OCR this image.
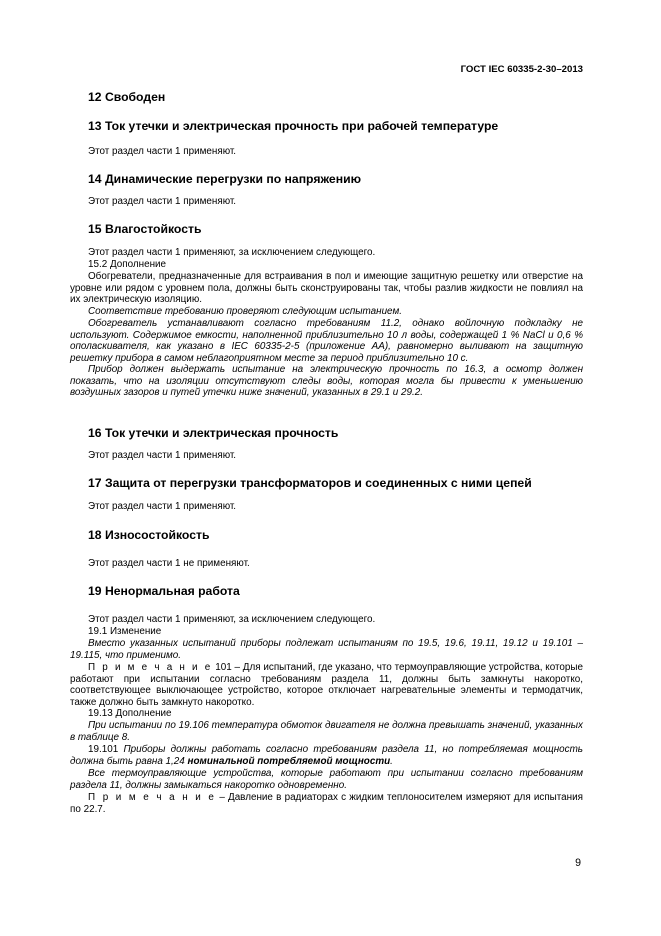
ГОСТ IEC 60335-2-30–2013
12 Свободен
13 Ток утечки и электрическая прочность при рабочей температуре

Этот раздел части 1 применяют.

14 Динамические перегрузки по напряжению

Этот раздел части 1 применяют.

15 Влагостойкость

Этот раздел части 1 применяют, за исключением следующего.

15.2 Дополнение

Обогреватели, предназначенные для встраивания в пол и имеющие защитную решетку или отверстие на уровне или рядом с уровнем пола, должны быть сконструированы так, чтобы разлив жидкости не повлиял на их электрическую изоляцию.

Соответствие требованию проверяют следующим испытанием.

Обогреватель устанавливают согласно требованиям 11.2, однако войлочную подкладку не используют. Содержимое емкости, наполненной приблизительно 10 л воды, содержащей 1 % NaCl и 0,6 % ополаскивателя, как указано в IEC 60335-2-5 (приложение АА), равномерно выливают на защитную решетку прибора в самом неблагоприятном месте за период приблизительно 10 с.

Прибор должен выдержать испытание на электрическую прочность по 16.3, а осмотр должен показать, что на изоляции отсутствуют следы воды, которая могла бы привести к уменьшению воздушных зазоров и путей утечки ниже значений, указанных в 29.1 и 29.2.

16 Ток утечки и электрическая прочность

Этот раздел части 1 применяют.

17 Защита от перегрузки трансформаторов и соединенных с ними цепей

Этот раздел части 1 применяют.

18 Износостойкость

Этот раздел части 1 не применяют.

19 Ненормальная работа

Этот раздел части 1 применяют, за исключением следующего.

19.1 Изменение

Вместо указанных испытаний приборы подлежат испытаниям по 19.5, 19.6, 19.11, 19.12 и 19.101 – 19.115, что применимо.

П р и м е ч а н и е 101 – Для испытаний, где указано, что термоуправляющие устройства, которые работают при испытании согласно требованиям раздела 11, должны быть замкнуты накоротко, соответствующее выключающее устройство, которое отключает нагревательные элементы и термодатчик, также должно быть замкнуто накоротко.

19.13 Дополнение

При испытании по 19.106 температура обмоток двигателя не должна превышать значений, указанных в таблице 8.

19.101 Приборы должны работать согласно требованиям раздела 11, но потребляемая мощность должна быть равна 1,24 номинальной потребляемой мощности.

Все термоуправляющие устройства, которые работают при испытании согласно требованиям раздела 11, должны замыкаться накоротко одновременно.

П р и м е ч а н и е – Давление в радиаторах с жидким теплоносителем измеряют для испытания по 22.7.

9
